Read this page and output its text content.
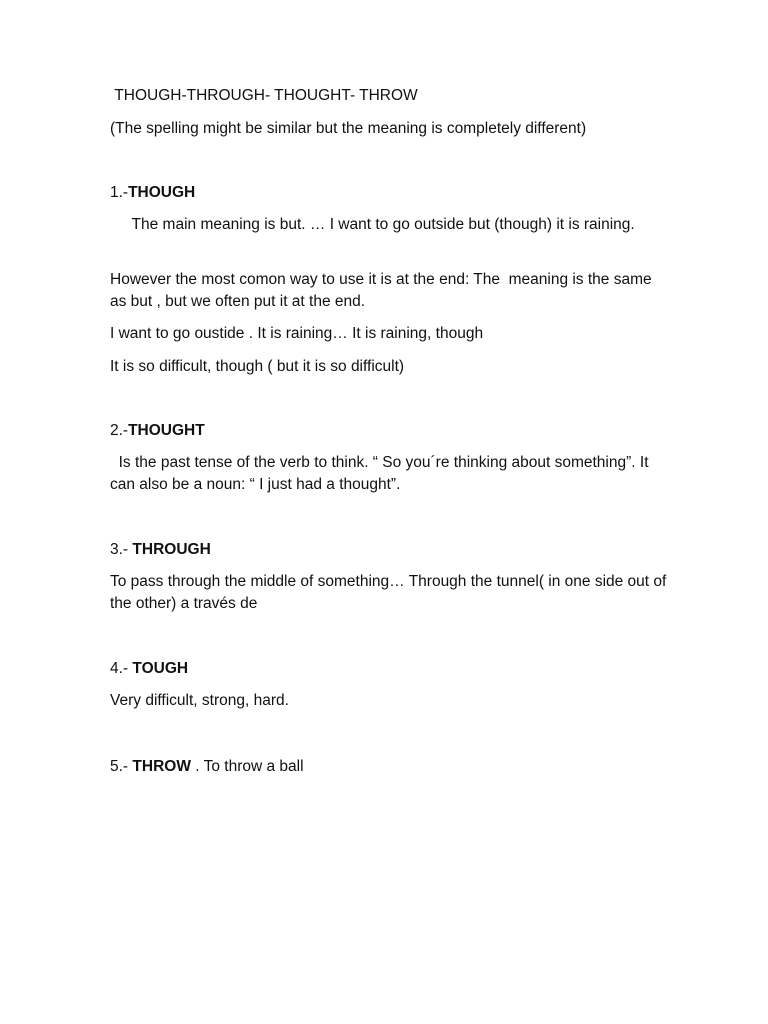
THOUGH-THROUGH- THOUGHT- THROW
(The spelling might be similar but the meaning is completely different)
1.-THOUGH
The main meaning is but. … I want to go outside but (though) it is raining.
However the most comon way to use it is at the end: The  meaning is the same as but , but we often put it at the end.
I want to go oustide . It is raining… It is raining, though
It is so difficult, though ( but it is so difficult)
2.-THOUGHT
Is the past tense of the verb to think. “ So you´re thinking about something”. It can also be a noun: “ I just had a thought”.
3.- THROUGH
To pass through the middle of something… Through the tunnel( in one side out of the other) a través de
4.- TOUGH
Very difficult, strong, hard.
5.- THROW . To throw a ball
